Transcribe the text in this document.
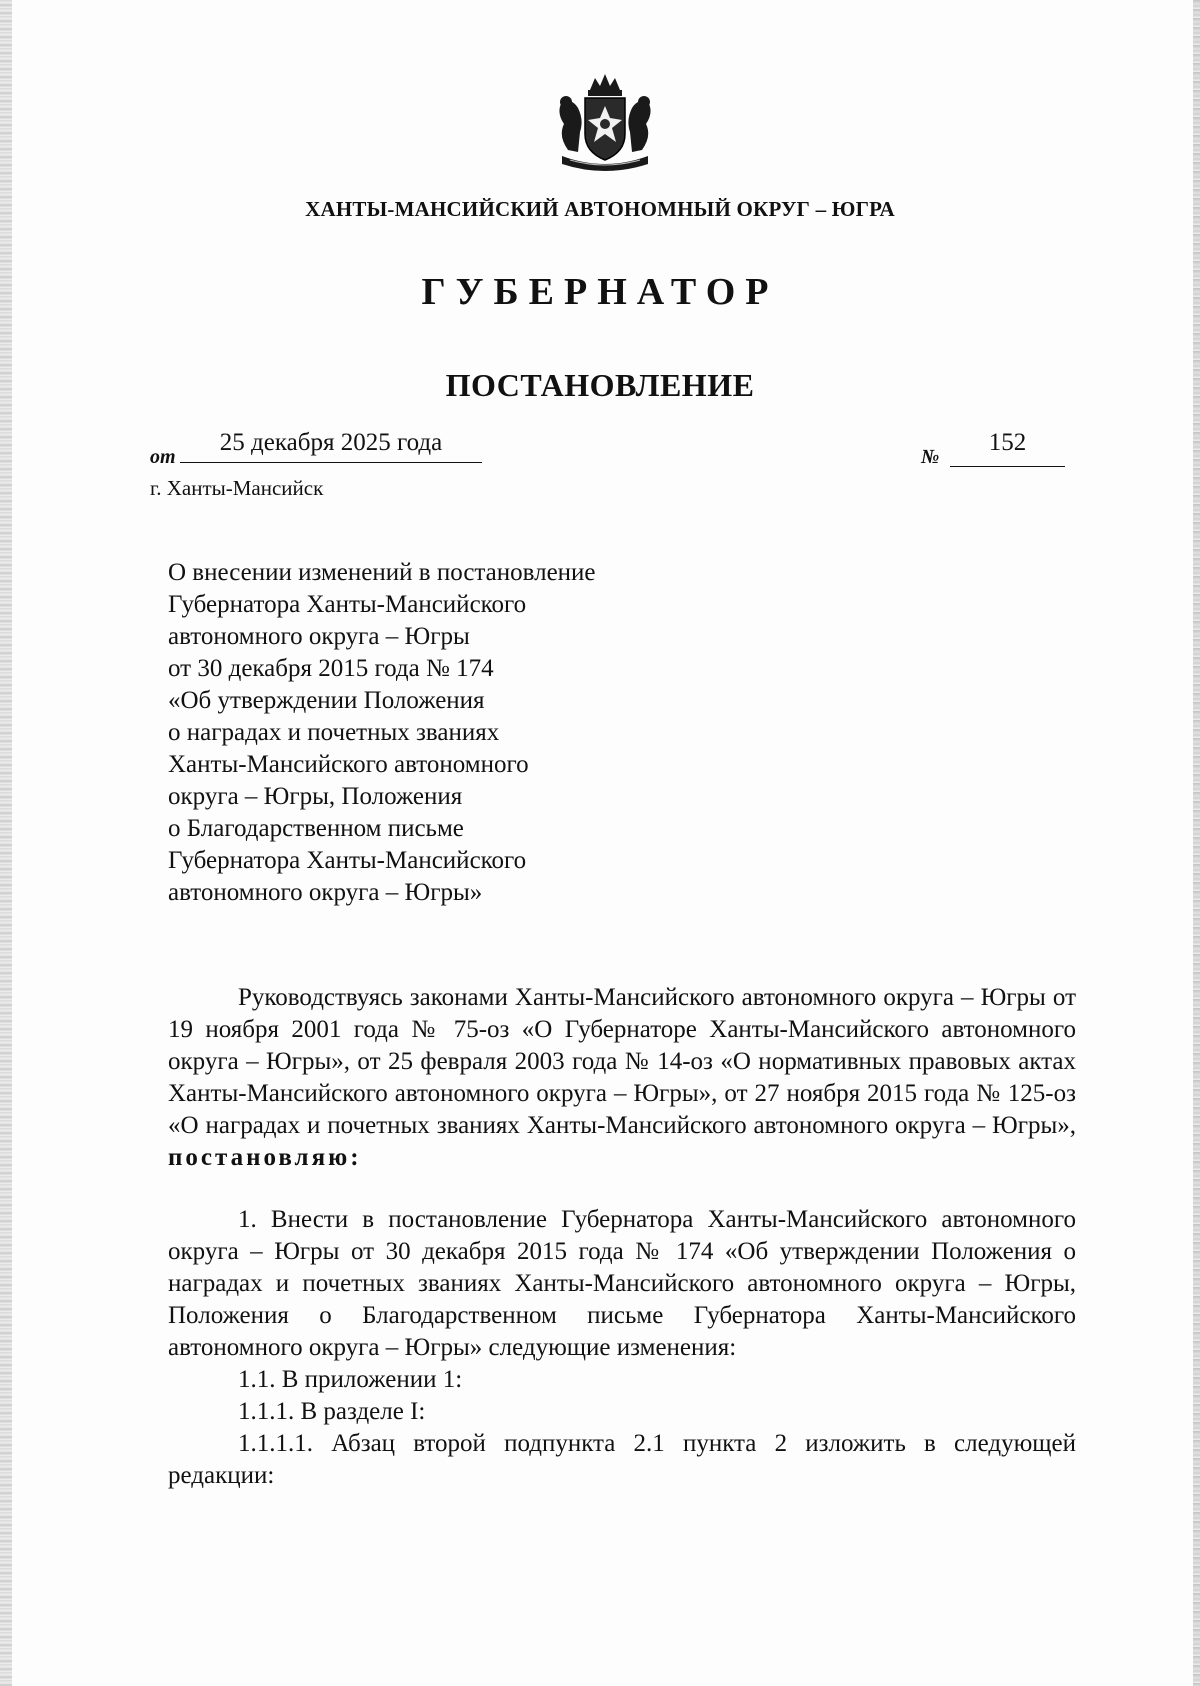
ХАНТЫ-МАНСИЙСКИЙ АВТОНОМНЫЙ ОКРУГ – ЮГРА
ГУБЕРНАТОР
ПОСТАНОВЛЕНИЕ
от
25 декабря 2025 года
№
152
г. Ханты-Мансийск
О внесении изменений в постановление
Губернатора Ханты-Мансийского
автономного округа – Югры
от 30 декабря 2015 года № 174
«Об утверждении Положения
о наградах и почетных званиях
Ханты-Мансийского автономного
округа – Югры, Положения
о Благодарственном письме
Губернатора Ханты-Мансийского
автономного округа – Югры»

Руководствуясь законами Ханты-Мансийского автономного округа – Югры от 19 ноября 2001 года № 75-оз «О Губернаторе Ханты-Мансийского автономного округа – Югры», от 25 февраля 2003 года № 14-оз «О нормативных правовых актах Ханты-Мансийского автономного округа – Югры», от 27 ноября 2015 года № 125-оз «О наградах и почетных званиях Ханты-Мансийского автономного округа – Югры», постановляю:

1. Внести в постановление Губернатора Ханты-Мансийского автономного округа – Югры от 30 декабря 2015 года № 174 «Об утверждении Положения о наградах и почетных званиях Ханты-Мансийского автономного округа – Югры, Положения о Благодарственном письме Губернатора Ханты-Мансийского автономного округа – Югры» следующие изменения:

1.1. В приложении 1:

1.1.1. В разделе I:

1.1.1.1. Абзац второй подпункта 2.1 пункта 2 изложить в следующей редакции:
